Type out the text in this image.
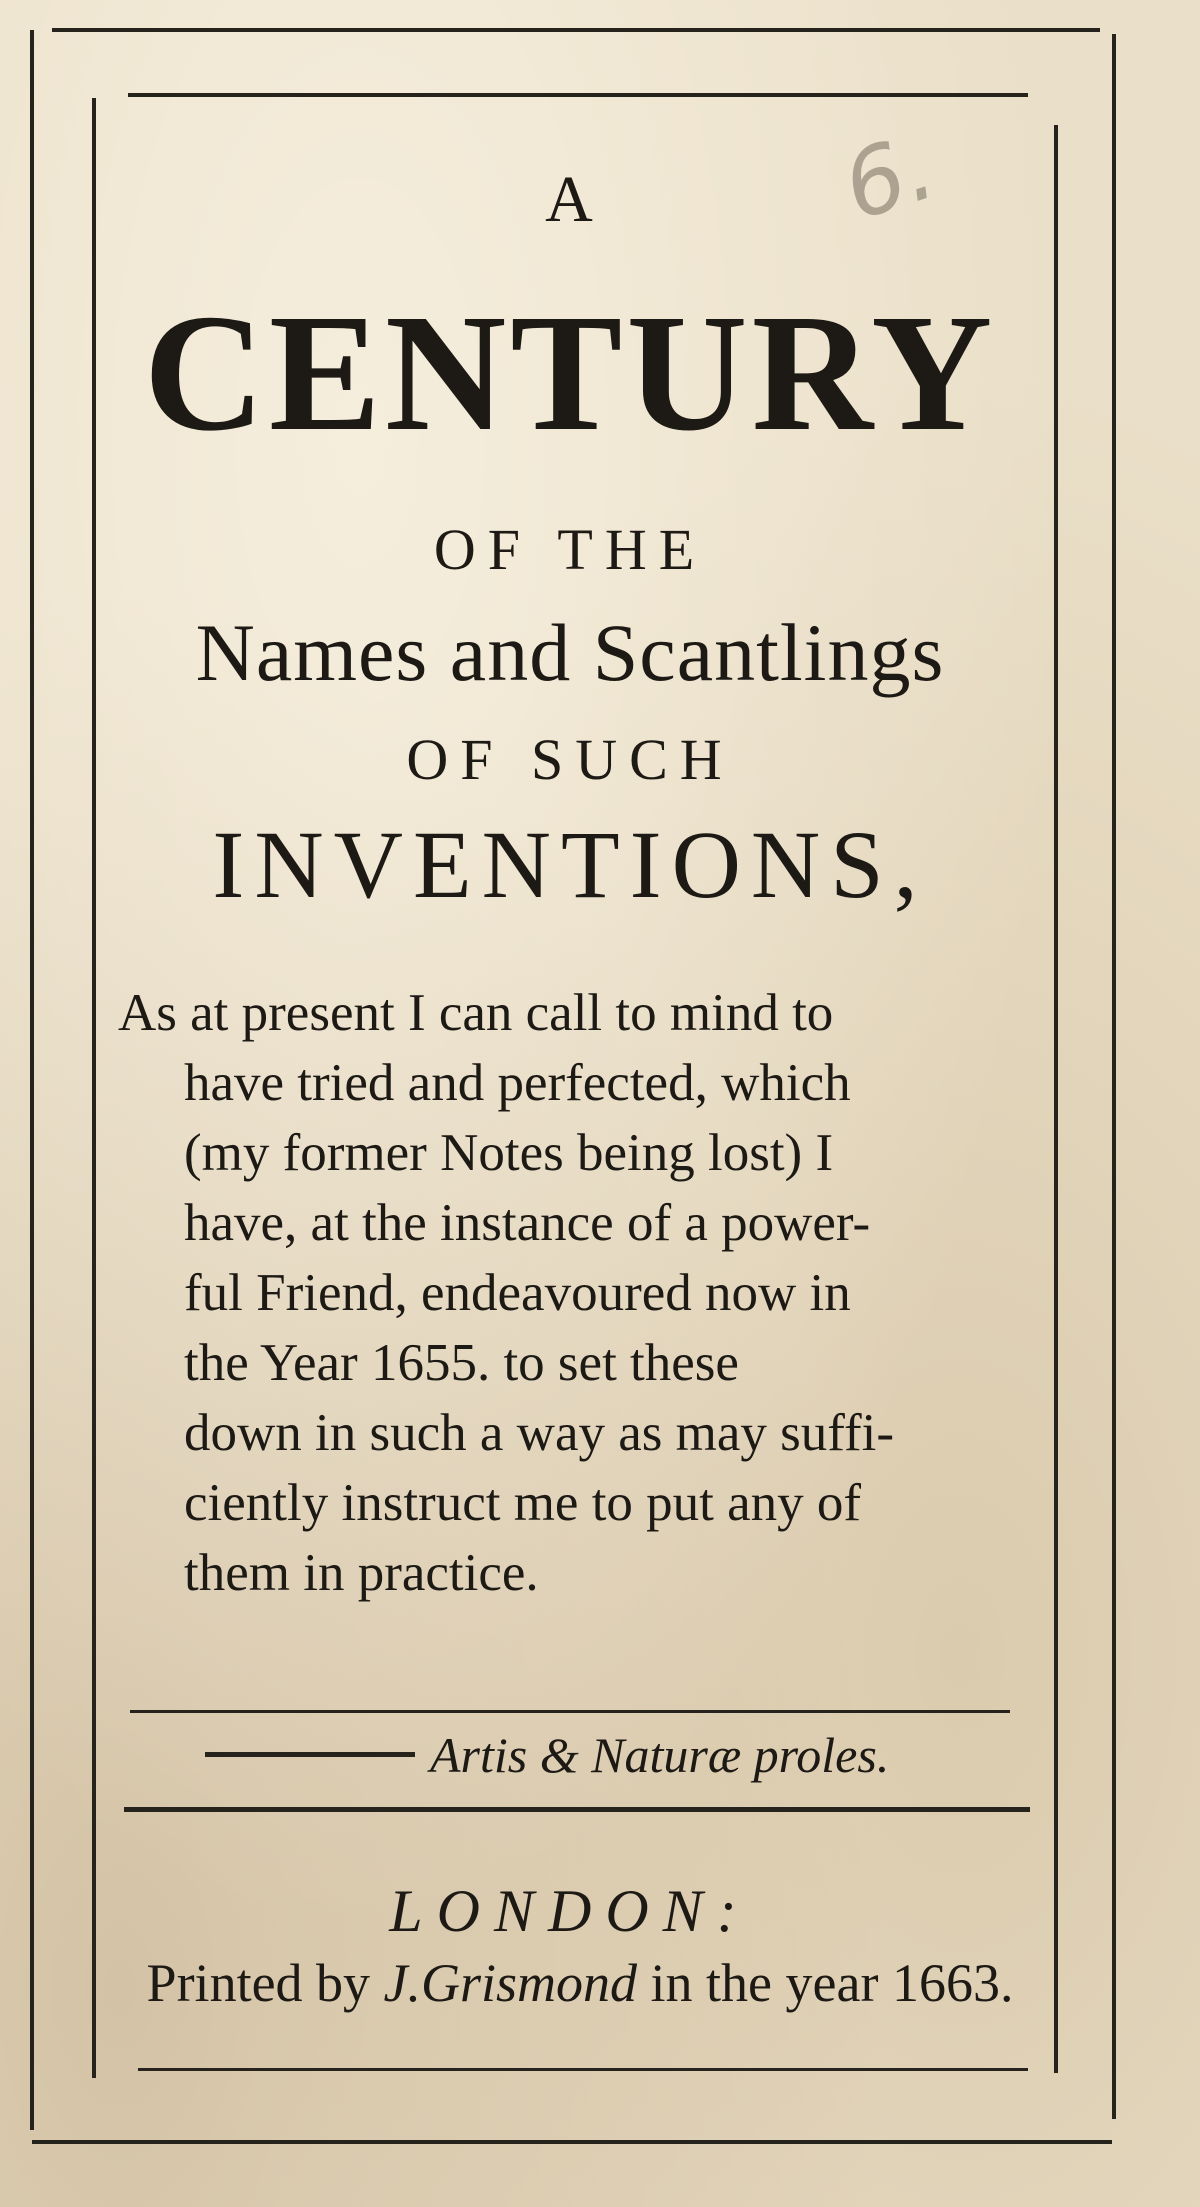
6.
A
CENTURY
OF THE
Names and Scantlings
OF SUCH
INVENTIONS,
As at present I can call to mind to
have tried and perfected, which
(my former Notes being lost) I
have, at the instance of a power-
ful Friend, endeavoured now in
the Year 1655. to set these
down in such a way as may suffi-
ciently instruct me to put any of
them in practice.
Artis & Naturæ proles.
LONDON:
Printed by J.Grismond in the year 1663.
